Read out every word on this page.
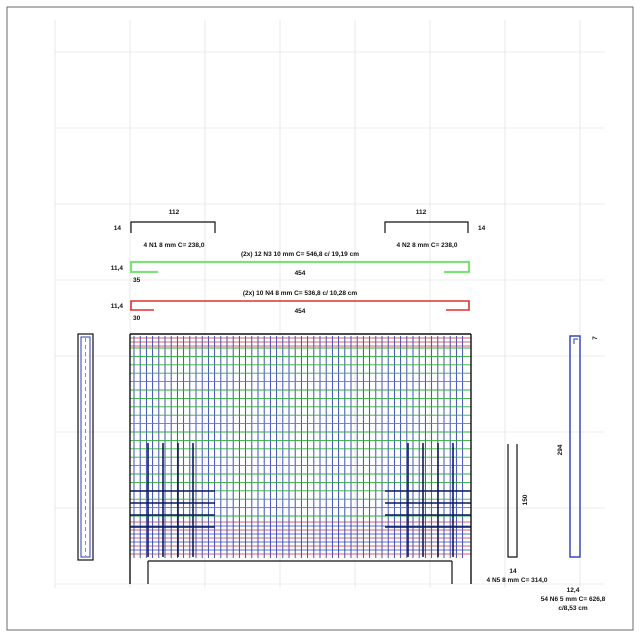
112
14
4 N1 8 mm C= 238,0
112
14
4 N2 8 mm C= 238,0
(2x) 12 N3 10 mm C= 546,8 c/ 19,19 cm
11,4
454
35
(2x) 10 N4 8 mm C= 536,8 c/ 10,28 cm
11,4
454
30
150
14
4 N5 8 mm C= 314,0
7
294
12,4
54 N6 5 mm C= 626,8
c/8,53 cm
